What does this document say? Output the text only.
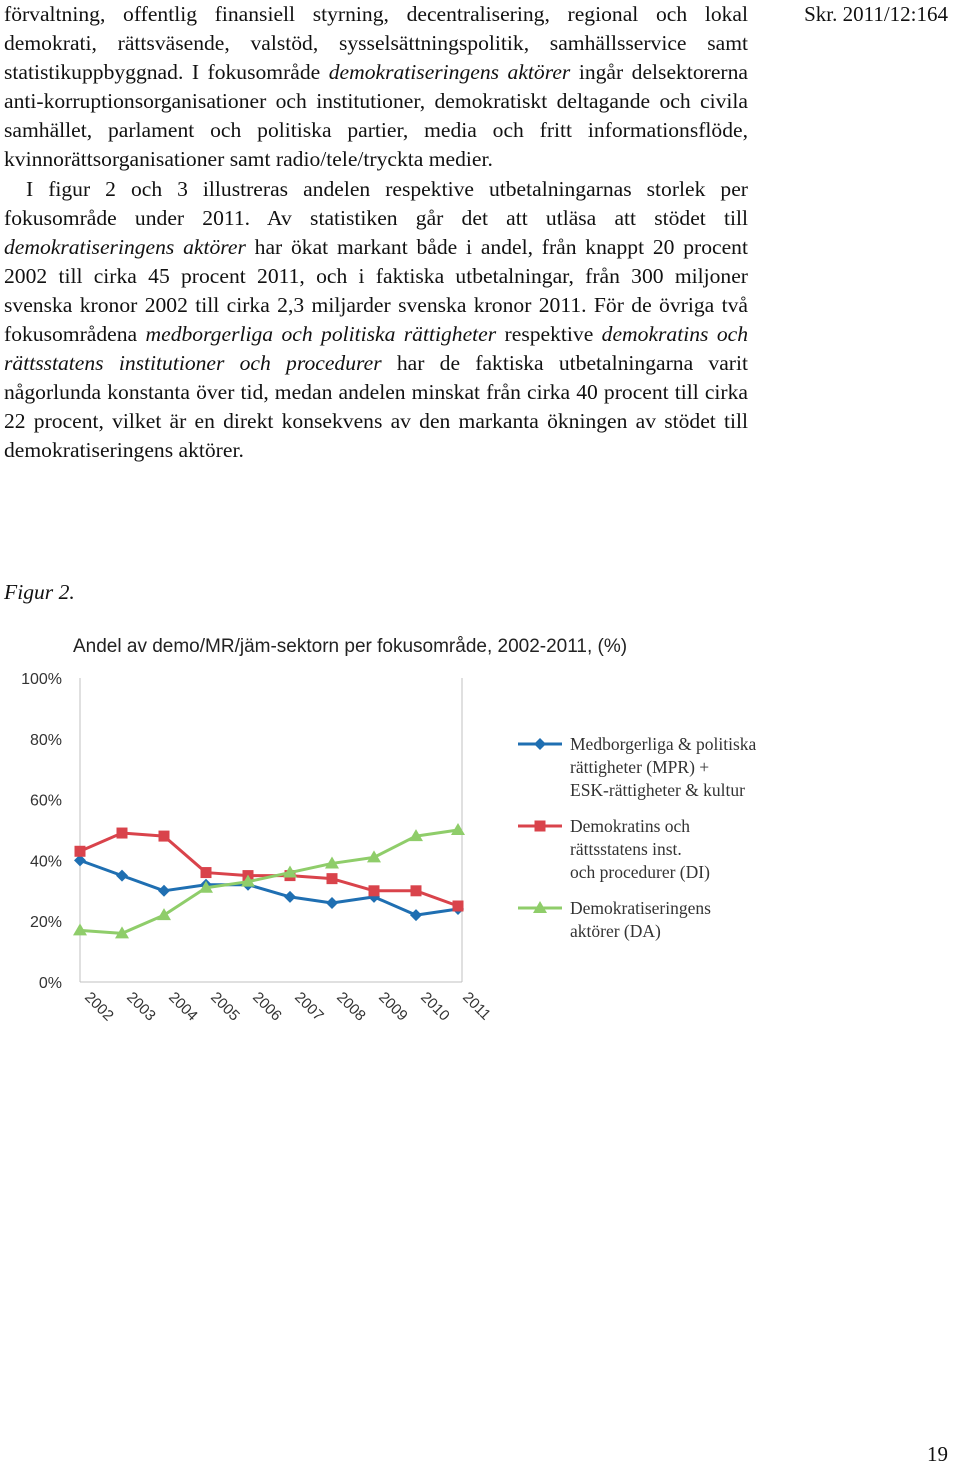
Skr. 2011/12:164

förvaltning, offentlig finansiell styrning, decentralisering, regional och lokal demokrati, rättsväsende, valstöd, sysselsättningspolitik, samhällsservice samt statistikuppbyggnad. I fokusområde demokratiseringens aktörer ingår delsektorerna anti-korruptionsorganisationer och institutioner, demokratiskt deltagande och civila samhället, parlament och politiska partier, media och fritt informationsflöde, kvinnorättsorganisationer samt radio/tele/tryckta medier.

I figur 2 och 3 illustreras andelen respektive utbetalningarnas storlek per fokusområde under 2011. Av statistiken går det att utläsa att stödet till demokratiseringens aktörer har ökat markant både i andel, från knappt 20 procent 2002 till cirka 45 procent 2011, och i faktiska utbetalningar, från 300 miljoner svenska kronor 2002 till cirka 2,3 miljarder svenska kronor 2011. För de övriga två fokusområdena medborgerliga och politiska rättigheter respektive demokratins och rättsstatens institutioner och procedurer har de faktiska utbetalningarna varit någorlunda konstanta över tid, medan andelen minskat från cirka 40 procent till cirka 22 procent, vilket är en direkt konsekvens av den markanta ökningen av stödet till demokratiseringens aktörer.

Figur 2.
Andel av demo/MR/jäm-sektorn per fokusområde, 2002-2011, (%)
0%
20%
40%
60%
80%
100%
2002 2003 2004 2005 2006 2007 2008 2009 2010 2011
Medborgerliga & politiska
rättigheter (MPR) +
ESK-rättigheter & kultur
Demokratins och
rättsstatens inst.
och procedurer (DI)
Demokratiseringens
aktörer (DA)
19
